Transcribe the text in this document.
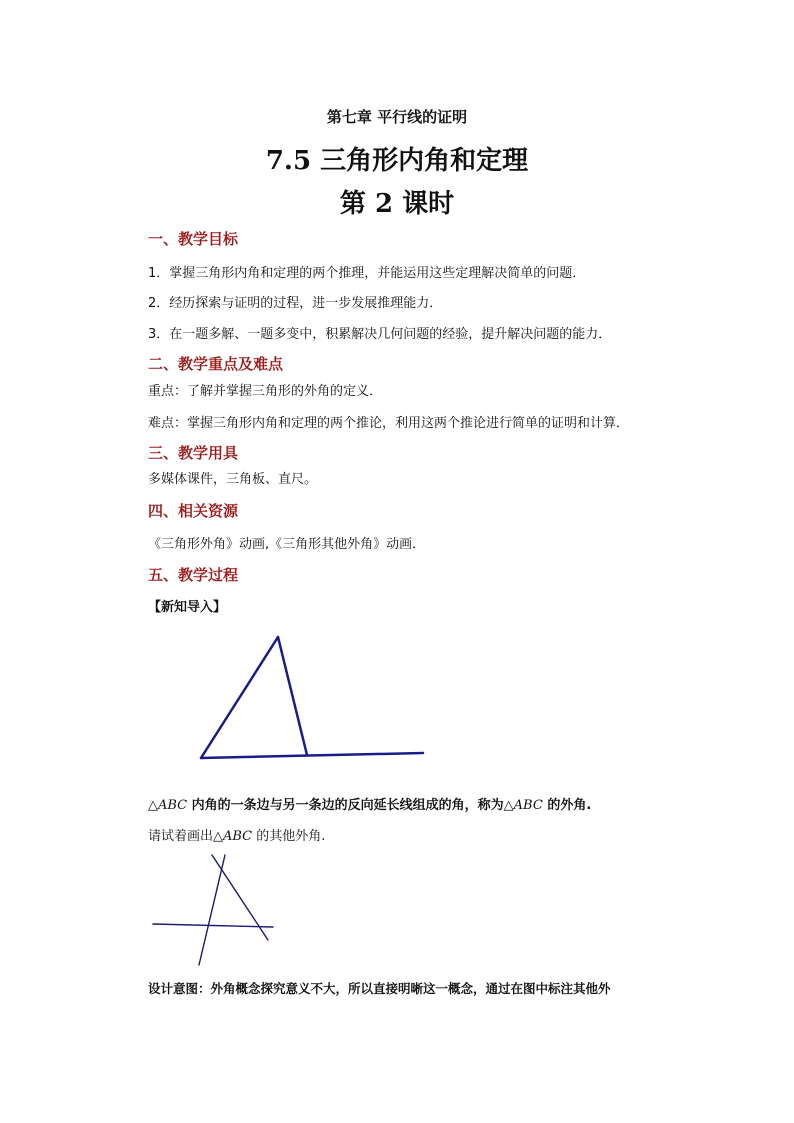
第七章 平行线的证明
7.5 三角形内角和定理
第 2 课时
一、教学目标
1．掌握三角形内角和定理的两个推理，并能运用这些定理解决简单的问题．
2．经历探索与证明的过程，进一步发展推理能力．
3．在一题多解、一题多变中，积累解决几何问题的经验，提升解决问题的能力．
二、教学重点及难点
重点：了解并掌握三角形的外角的定义．
难点：掌握三角形内角和定理的两个推论，利用这两个推论进行简单的证明和计算．
三、教学用具
多媒体课件，三角板、直尺。
四、相关资源
《三角形外角》动画,《三角形其他外角》动画．
五、教学过程
【新知导入】
△ABC 内角的一条边与另一条边的反向延长线组成的角，称为△ABC 的外角.
请试着画出△ABC 的其他外角.
设计意图：外角概念探究意义不大，所以直接明晰这一概念，通过在图中标注其他外
